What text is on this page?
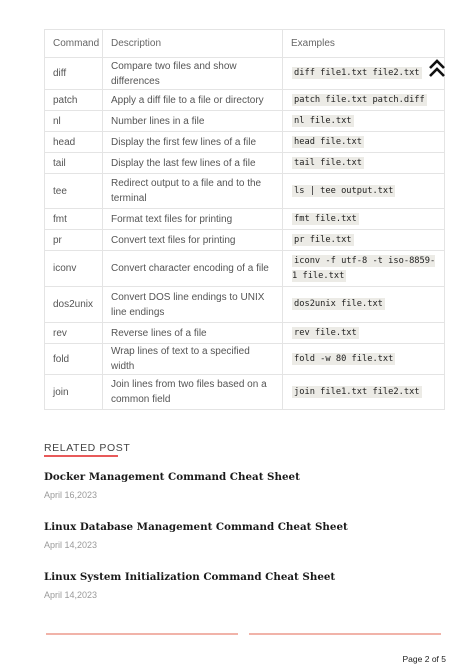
Command	Description	Examples
diff	Compare two files and show differences	diff file1.txt file2.txt
patch	Apply a diff file to a file or directory	patch file.txt patch.diff
nl	Number lines in a file	nl file.txt
head	Display the first few lines of a file	head file.txt
tail	Display the last few lines of a file	tail file.txt
tee	Redirect output to a file and to the terminal	ls | tee output.txt
fmt	Format text files for printing	fmt file.txt
pr	Convert text files for printing	pr file.txt
iconv	Convert character encoding of a file	iconv -f utf-8 -t iso-8859-1 file.txt
dos2unix	Convert DOS line endings to UNIX line endings	dos2unix file.txt
rev	Reverse lines of a file	rev file.txt
fold	Wrap lines of text to a specified width	fold -w 80 file.txt
join	Join lines from two files based on a common field	join file1.txt file2.txt
RELATED POST

Docker Management Command Cheat Sheet

April 16,2023

Linux Database Management Command Cheat Sheet

April 14,2023

Linux System Initialization Command Cheat Sheet

April 14,2023
Page 2 of 5
